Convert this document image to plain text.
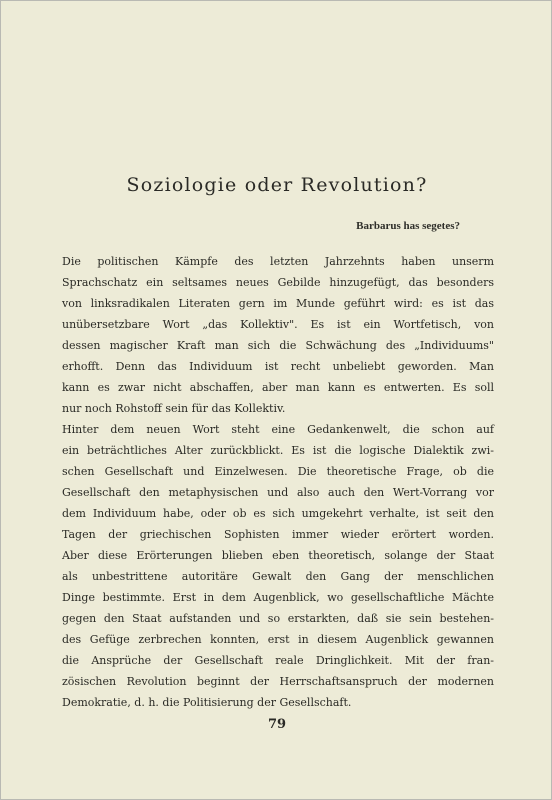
Soziologie oder Revolution?
Barbarus has segetes?
Die politischen Kämpfe des letzten Jahrzehnts haben unserm
Sprachschatz ein seltsames neues Gebilde hinzugefügt, das besonders
von linksradikalen Literaten gern im Munde geführt wird: es ist das
unübersetzbare Wort „das Kollektiv". Es ist ein Wortfetisch, von
dessen magischer Kraft man sich die Schwächung des „Individuums"
erhofft. Denn das Individuum ist recht unbeliebt geworden. Man
kann es zwar nicht abschaffen, aber man kann es entwerten. Es soll
nur noch Rohstoff sein für das Kollektiv.
Hinter dem neuen Wort steht eine Gedankenwelt, die schon auf
ein beträchtliches Alter zurückblickt. Es ist die logische Dialektik zwi-
schen Gesellschaft und Einzelwesen. Die theoretische Frage, ob die
Gesellschaft den metaphysischen und also auch den Wert-Vorrang vor
dem Individuum habe, oder ob es sich umgekehrt verhalte, ist seit den
Tagen der griechischen Sophisten immer wieder erörtert worden.
Aber diese Erörterungen blieben eben theoretisch, solange der Staat
als unbestrittene autoritäre Gewalt den Gang der menschlichen
Dinge bestimmte. Erst in dem Augenblick, wo gesellschaftliche Mächte
gegen den Staat aufstanden und so erstarkten, daß sie sein bestehen-
des Gefüge zerbrechen konnten, erst in diesem Augenblick gewannen
die Ansprüche der Gesellschaft reale Dringlichkeit. Mit der fran-
zösischen Revolution beginnt der Herrschaftsanspruch der modernen
Demokratie, d. h. die Politisierung der Gesellschaft.
79
